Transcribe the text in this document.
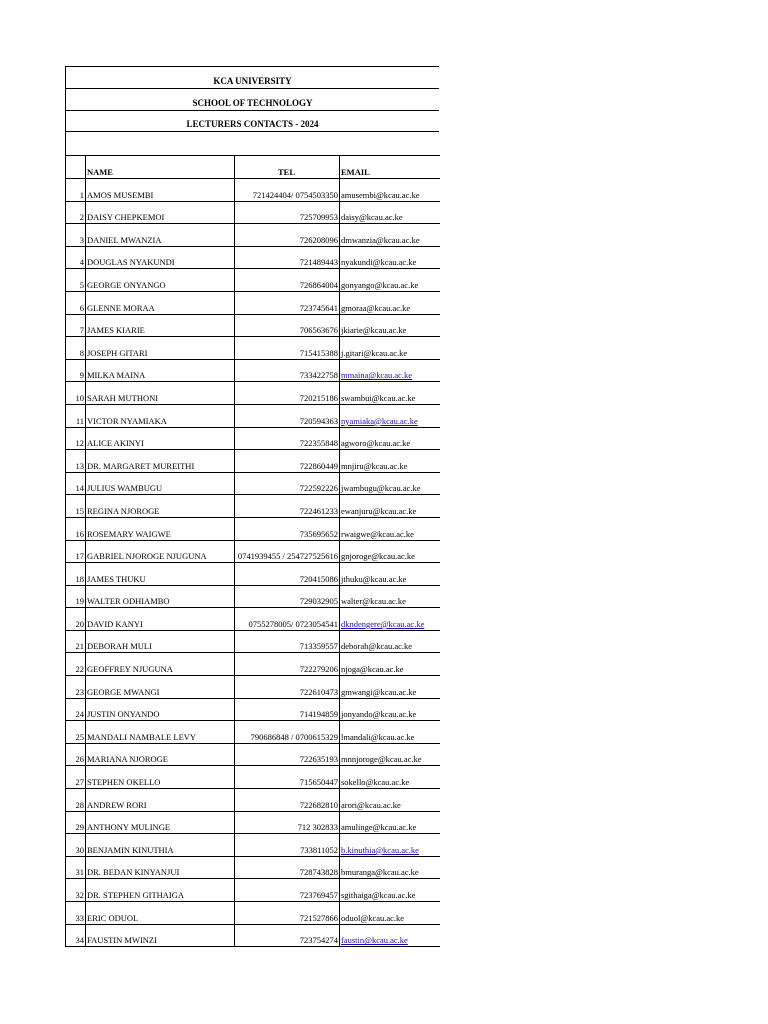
KCA UNIVERSITY
SCHOOL OF TECHNOLOGY
LECTURERS CONTACTS - 2024
	NAME	TEL	EMAIL
1	AMOS MUSEMBI	721424404/ 0754503350	amusembi@kcau.ac.ke
2	DAISY CHEPKEMOI	725709953	daisy@kcau.ac.ke
3	DANIEL MWANZIA	726208096	dmwanzia@kcau.ac.ke
4	DOUGLAS NYAKUNDI	721489443	nyakundi@kcau.ac.ke
5	GEORGE ONYANGO	726864004	gonyango@kcau.ac.ke
6	GLENNE MORAA	723745641	gmoraa@kcau.ac.ke
7	JAMES KIARIE	706563676	jkiarie@kcau.ac.ke
8	JOSEPH GITARI	715415388	j.gitari@kcau.ac.ke
9	MILKA MAINA	733422758	mmaina@kcau.ac.ke
10	SARAH MUTHONI	720215186	swambui@kcau.ac.ke
11	VICTOR NYAMIAKA	720594363	nyamiaka@kcau.ac.ke
12	ALICE AKINYI	722355848	agworo@kcau.ac.ke
13	DR. MARGARET MUREITHI	722860449	mnjiru@kcau.ac.ke
14	JULIUS WAMBUGU	722592226	jwambugu@kcau.ac.ke
15	REGINA NJOROGE	722461233	ewanjuru@kcau.ac.ke
16	ROSEMARY WAIGWE	735695652	rwaigwe@kcau.ac.ke
17	GABRIEL NJOROGE NJUGUNA	0741939455 / 254727525616	gnjoroge@kcau.ac.ke
18	JAMES THUKU	720415086	jthuku@kcau.ac.ke
19	WALTER ODHIAMBO	729032905	walter@kcau.ac.ke
20	DAVID KANYI	0755278005/ 0723054541	dkndengere@kcau.ac.ke
21	DEBORAH MULI	713359557	deborah@kcau.ac.ke
22	GEOFFREY NJUGUNA	722279206	njoga@kcau.ac.ke
23	GEORGE MWANGI	722610473	gmwangi@kcau.ac.ke
24	JUSTIN ONYANDO	714194859	jonyando@kcau.ac.ke
25	MANDALI NAMBALE LEVY	790686848 / 0700615329	lmandali@kcau.ac.ke
26	MARIANA NJOROGE	722635193	mnnjoroge@kcau.ac.ke
27	STEPHEN OKELLO	715650447	sokello@kcau.ac.ke
28	ANDREW RORI	722682810	arori@kcau.ac.ke
29	ANTHONY MULINGE	712 302833	amulinge@kcau.ac.ke
30	BENJAMIN KINUTHIA	733811052	b.kinuthia@kcau.ac.ke
31	DR. BEDAN KINYANJUI	728743828	bmuranga@kcau.ac.ke
32	DR. STEPHEN GITHAIGA	723769457	sgithaiga@kcau.ac.ke
33	ERIC ODUOL	721527866	oduol@kcau.ac.ke
34	FAUSTIN MWINZI	723754274	faustin@kcau.ac.ke
